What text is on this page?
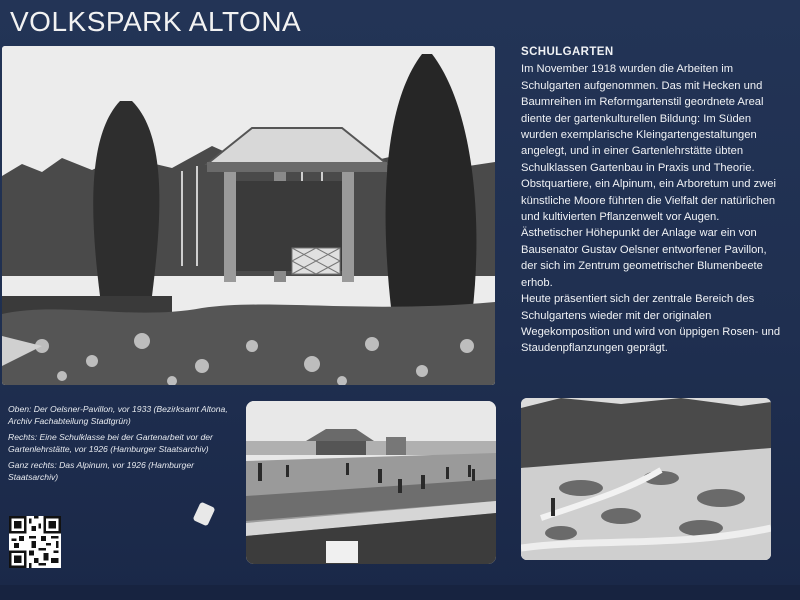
VOLKSPARK ALTONA
SCHULGARTEN

Im November 1918 wurden die Arbeiten im Schulgarten aufgenommen. Das mit Hecken und Baumreihen im Reformgartenstil geordnete Areal diente der gartenkulturellen Bildung: Im Süden wurden exemplarische Kleingartengestaltungen angelegt, und in einer Gartenlehrstätte übten Schulklassen Gartenbau in Praxis und Theorie. Obstquartiere, ein Alpinum, ein Arboretum und zwei künstliche Moore führten die Vielfalt der natürlichen und kultivierten Pflanzenwelt vor Augen. Ästhetischer Höhepunkt der Anlage war ein von Bausenator Gustav Oelsner entworfener Pavillon, der sich im Zentrum geometrischer Blumenbeete erhob.

Heute präsentiert sich der zentrale Bereich des Schulgartens wieder mit der originalen Wegekomposition und wird von üppigen Rosen- und Staudenpflanzungen geprägt.

Oben: Der Oelsner-Pavillon, vor 1933 (Bezirksamt Altona, Archiv Fachabteilung Stadtgrün)

Rechts: Eine Schulklasse bei der Gartenarbeit vor der Gartenlehrstätte, vor 1926 (Hamburger Staatsarchiv)

Ganz rechts: Das Alpinum, vor 1926 (Hamburger Staatsarchiv)
